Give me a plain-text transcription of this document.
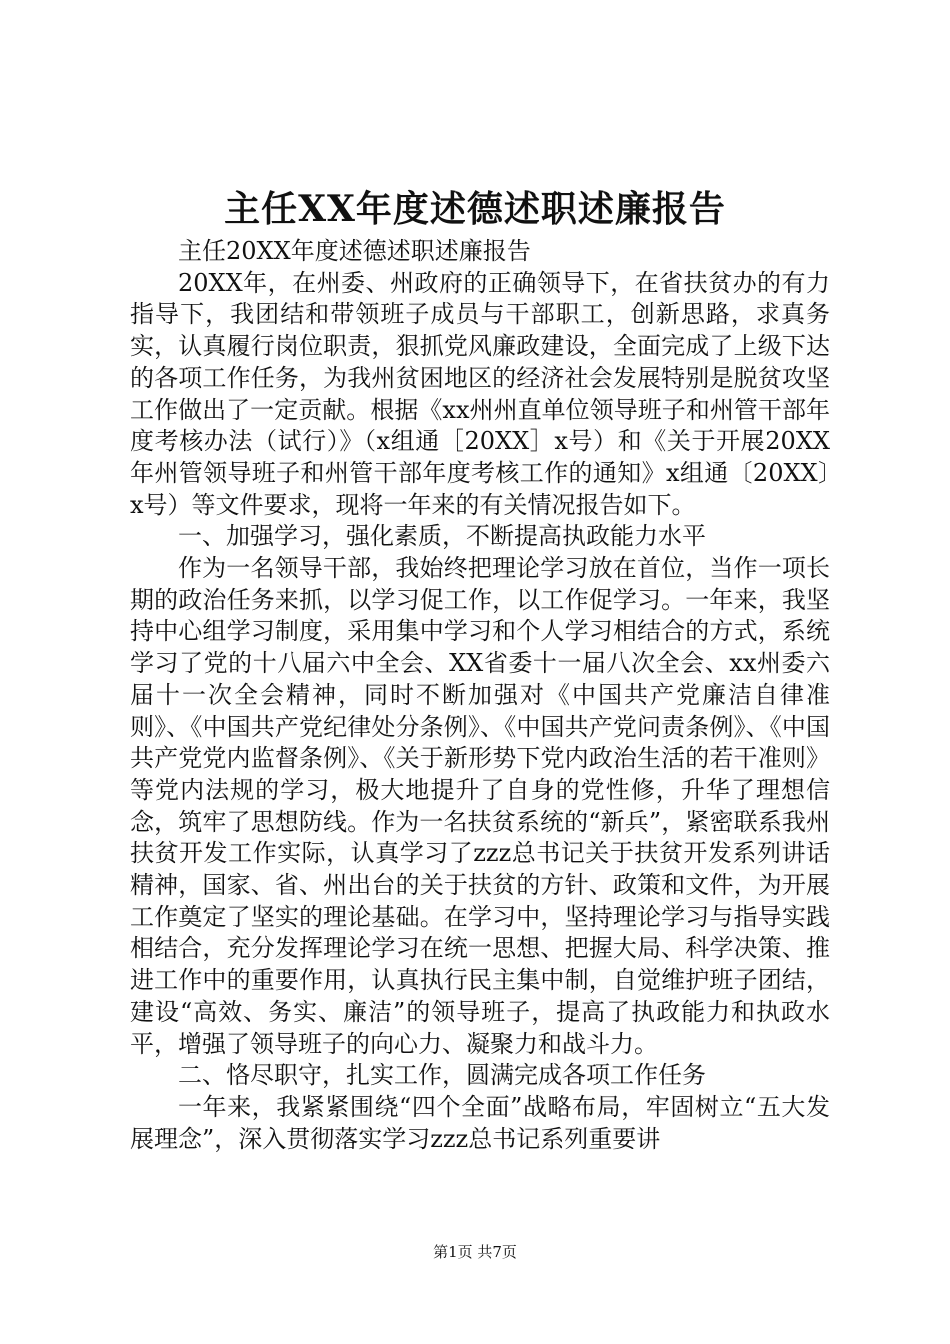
主任XX年度述德述职述廉报告

主任20XX年度述德述职述廉报告

20XX年，在州委、州政府的正确领导下，在省扶贫办的有力指导下，我团结和带领班子成员与干部职工，创新思路，求真务实，认真履行岗位职责，狠抓党风廉政建设，全面完成了上级下达的各项工作任务，为我州贫困地区的经济社会发展特别是脱贫攻坚工作做出了一定贡献。根据《xx州州直单位领导班子和州管干部年度考核办法（试行）》（x组通［20XX］x号）和《关于开展20XX年州管领导班子和州管干部年度考核工作的通知》x组通〔20XX〕x号）等文件要求，现将一年来的有关情况报告如下。

一、加强学习，强化素质，不断提高执政能力水平

作为一名领导干部，我始终把理论学习放在首位，当作一项长期的政治任务来抓，以学习促工作，以工作促学习。一年来，我坚持中心组学习制度，采用集中学习和个人学习相结合的方式，系统学习了党的十八届六中全会、XX省委十一届八次全会、xx州委六届十一次全会精神，同时不断加强对《中国共产党廉洁自律准则》、《中国共产党纪律处分条例》、《中国共产党问责条例》、《中国共产党党内监督条例》、《关于新形势下党内政治生活的若干准则》等党内法规的学习，极大地提升了自身的党性修，升华了理想信念，筑牢了思想防线。作为一名扶贫系统的“新兵”，紧密联系我州扶贫开发工作实际，认真学习了zzz总书记关于扶贫开发系列讲话精神，国家、省、州出台的关于扶贫的方针、政策和文件，为开展工作奠定了坚实的理论基础。在学习中，坚持理论学习与指导实践相结合，充分发挥理论学习在统一思想、把握大局、科学决策、推进工作中的重要作用，认真执行民主集中制，自觉维护班子团结，建设“高效、务实、廉洁”的领导班子，提高了执政能力和执政水平，增强了领导班子的向心力、凝聚力和战斗力。

二、恪尽职守，扎实工作，圆满完成各项工作任务

一年来，我紧紧围绕“四个全面”战略布局，牢固树立“五大发展理念”，深入贯彻落实学习zzz总书记系列重要讲

第1页 共7页
